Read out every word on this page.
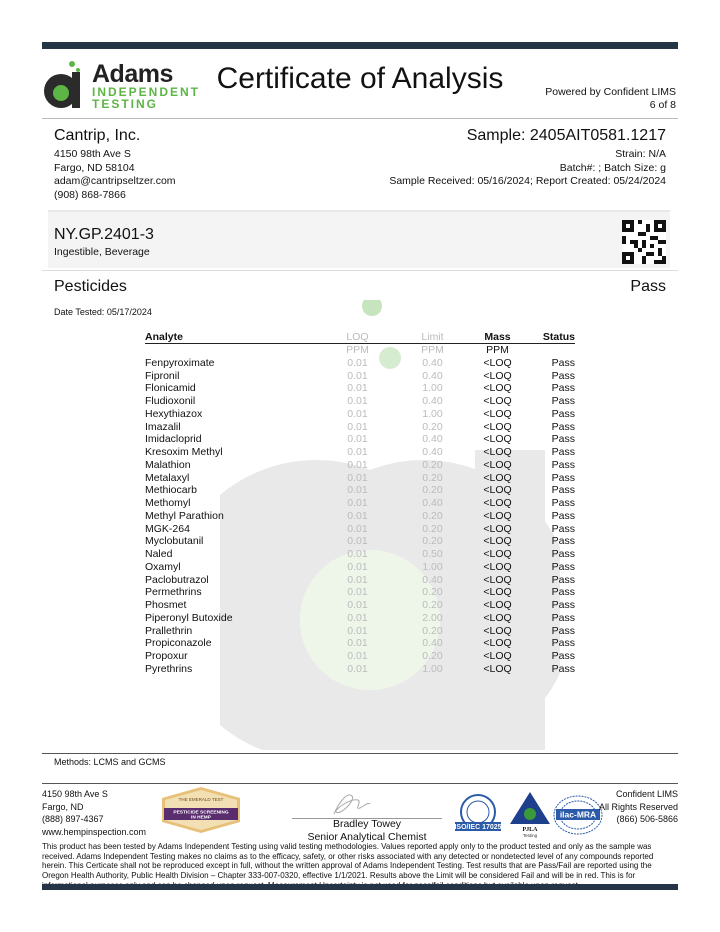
Adams
INDEPENDENT
TESTING
Certificate of Analysis	Powered by Confident LIMS
6 of 8
Cantrip, Inc.
4150 98th Ave S
Fargo, ND 58104
adam@cantripseltzer.com
(908) 868-7866
Sample: 2405AIT0581.1217
Strain: N/A
Batch#: ; Batch Size: g
Sample Received: 05/16/2024; Report Created: 05/24/2024
NY.GP.2401-3
Ingestible, Beverage
Pesticides	Pass
Date Tested: 05/17/2024
Analyte	LOQ	Limit	Mass	Status
	PPM	PPM	PPM	
Fenpyroximate	0.01	0.40	<LOQ	Pass
Fipronil	0.01	0.40	<LOQ	Pass
Flonicamid	0.01	1.00	<LOQ	Pass
Fludioxonil	0.01	0.40	<LOQ	Pass
Hexythiazox	0.01	1.00	<LOQ	Pass
Imazalil	0.01	0.20	<LOQ	Pass
Imidacloprid	0.01	0.40	<LOQ	Pass
Kresoxim Methyl	0.01	0.40	<LOQ	Pass
Malathion	0.01	0.20	<LOQ	Pass
Metalaxyl	0.01	0.20	<LOQ	Pass
Methiocarb	0.01	0.20	<LOQ	Pass
Methomyl	0.01	0.40	<LOQ	Pass
Methyl Parathion	0.01	0.20	<LOQ	Pass
MGK-264	0.01	0.20	<LOQ	Pass
Myclobutanil	0.01	0.20	<LOQ	Pass
Naled	0.01	0.50	<LOQ	Pass
Oxamyl	0.01	1.00	<LOQ	Pass
Paclobutrazol	0.01	0.40	<LOQ	Pass
Permethrins	0.01	0.20	<LOQ	Pass
Phosmet	0.01	0.20	<LOQ	Pass
Piperonyl Butoxide	0.01	2.00	<LOQ	Pass
Prallethrin	0.01	0.20	<LOQ	Pass
Propiconazole	0.01	0.40	<LOQ	Pass
Propoxur	0.01	0.20	<LOQ	Pass
Pyrethrins	0.01	1.00	<LOQ	Pass
Methods: LCMS and GCMS
4150 98th Ave S
Fargo, ND
(888) 897-4367
www.hempinspection.com
THE EMERALD TEST
PESTICIDE SCREENING
IN HEMP	Bradley Towey
Senior Analytical Chemist
ISO/IEC 17025	PJLA
Testing
ilac-MRA
Confident LIMS
All Rights Reserved
(866) 506-5866
This product has been tested by Adams Independent Testing using valid testing methodologies. Values reported apply only to the product tested and only as the sample was received. Adams Independent Testing makes no claims as to the efficacy, safety, or other risks associated with any detected or nondetected level of any compounds reported herein. This Certicate shall not be reproduced except in full, without the written approval of Adams Independent Testing. Test results that are Pass/Fail are reported using the Oregon Health Authority, Public Health Division – Chapter 333-007-0320, effective 1/1/2021. Results above the Limit will be considered Fail and will be in red. This is for
